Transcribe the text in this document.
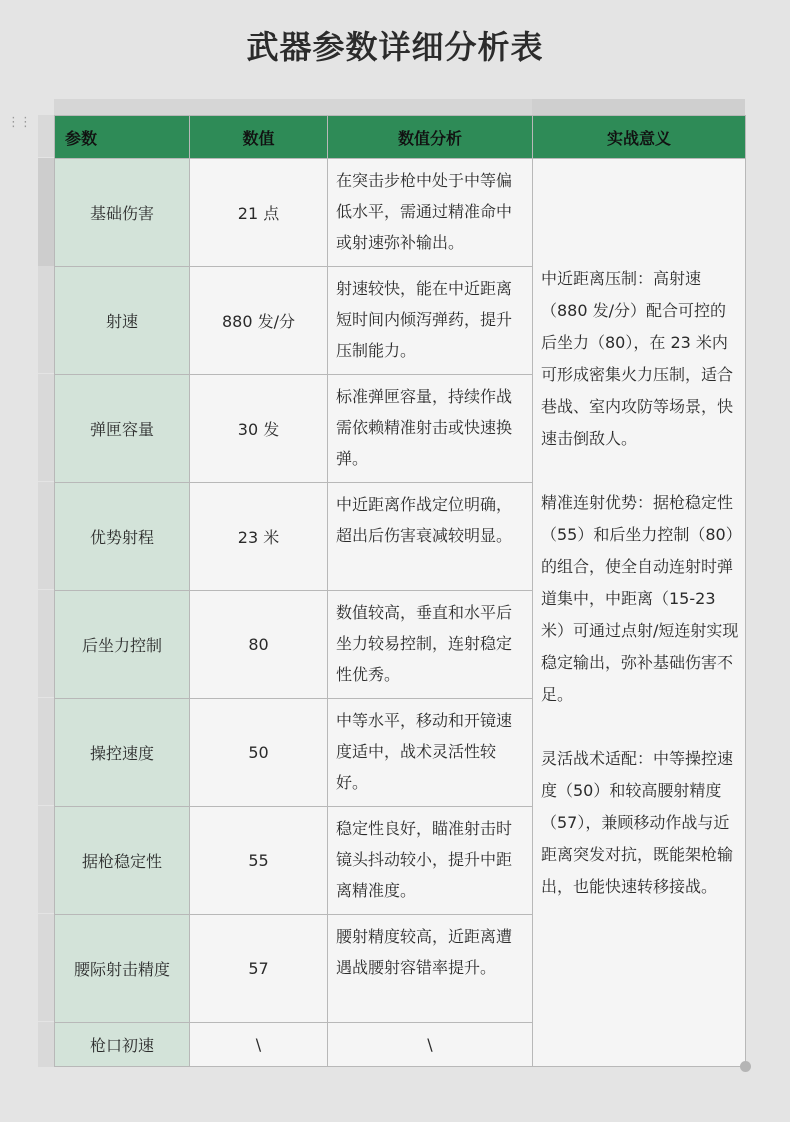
武器参数详细分析表
⋮⋮
参数	数值	数值分析	实战意义
基础伤害	21 点	在突击步枪中处于中等偏低水平，需通过精准命中或射速弥补输出。	中近距离压制：高射速（880 发/分）配合可控的后坐力（80），在 23 米内可形成密集火力压制，适合巷战、室内攻防等场景，快速击倒敌人。

精准连射优势：据枪稳定性（55）和后坐力控制（80）的组合，使全自动连射时弹道集中，中距离（15-23 米）可通过点射/短连射实现稳定输出，弥补基础伤害不足。

灵活战术适配：中等操控速度（50）和较高腰射精度（57），兼顾移动作战与近距离突发对抗，既能架枪输出，也能快速转移接战。

射速	880 发/分	射速较快，能在中近距离短时间内倾泻弹药，提升压制能力。	
弹匣容量	30 发	标准弹匣容量，持续作战需依赖精准射击或快速换弹。	
优势射程	23 米	中近距离作战定位明确，超出后伤害衰减较明显。	
后坐力控制	80	数值较高，垂直和水平后坐力较易控制，连射稳定性优秀。	
操控速度	50	中等水平，移动和开镜速度适中，战术灵活性较好。	
据枪稳定性	55	稳定性良好，瞄准射击时镜头抖动较小，提升中距离精准度。	
腰际射击精度	57	腰射精度较高，近距离遭遇战腰射容错率提升。	
枪口初速	\	\	
